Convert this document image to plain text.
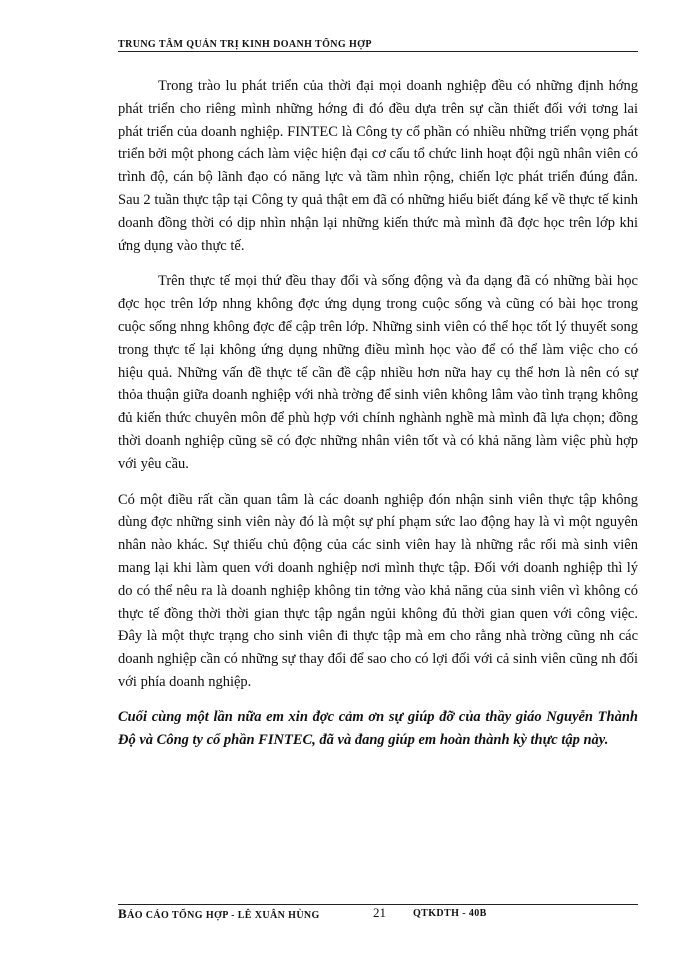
TRUNG TÂM QUẢN TRỊ KINH DOANH TỔNG HỢP

Trong trào lu phát triển của thời đại mọi doanh nghiệp đều có những định hớng phát triển cho riêng mình những hớng đi đó đều dựa trên sự cần thiết đối với tơng lai phát triển của doanh nghiệp. FINTEC là Công ty cổ phần có nhiều những triển vọng phát triển bởi một phong cách làm việc hiện đại cơ cấu tổ chức linh hoạt đội ngũ nhân viên có trình độ, cán bộ lãnh đạo có năng lực và tầm nhìn rộng, chiến lợc phát triển đúng đắn. Sau 2 tuần thực tập tại Công ty quả thật em đã có những hiểu biết đáng kể về thực tế kinh doanh đồng thời có dịp nhìn nhận lại những kiến thức mà mình đã đợc học trên lớp khi ứng dụng vào thực tế.

Trên thực tế mọi thứ đều thay đổi và sống động và đa dạng đã có những bài học đợc học trên lớp nhng không đợc ứng dụng trong cuộc sống và cũng có bài học trong cuộc sống nhng không đợc để cập trên lớp. Những sinh viên có thể học tốt lý thuyết song trong thực tế lại không ứng dụng những điều mình học vào để có thể làm việc cho có hiệu quả. Những vấn đề thực tế cần đề cập nhiều hơn nữa hay cụ thể hơn là nên có sự thỏa thuận giữa doanh nghiệp với nhà trờng để sinh viên không lâm vào tình trạng không đủ kiến thức chuyên môn để phù hợp với chính nghành nghề mà mình đã lựa chọn; đồng thời doanh nghiệp cũng sẽ có đợc những nhân viên tốt và có khả năng làm việc phù hợp với yêu cầu.

Có một điều rất cần quan tâm là các doanh nghiệp đón nhận sinh viên thực tập không dùng đợc những sinh viên này đó là một sự phí phạm sức lao động hay là vì một nguyên nhân nào khác. Sự thiếu chủ động của các sinh viên hay là những rắc rối mà sinh viên mang lại khi làm quen với doanh nghiệp nơi mình thực tập. Đối với doanh nghiệp thì lý do có thể nêu ra là doanh nghiệp không tin tởng vào khả năng của sinh viên vì không có thực tế đồng thời thời gian thực tập ngắn ngủi không đủ thời gian quen với công việc. Đây là một thực trạng cho sinh viên đi thực tập mà em cho rằng nhà trờng cũng nh các doanh nghiệp cần có những sự thay đổi để sao cho có lợi đối với cả sinh viên cũng nh đối với phía doanh nghiệp.

Cuối cùng một lần nữa em xin đợc cảm ơn sự giúp đỡ của thầy giáo Nguyễn Thành Độ và Công ty cổ phần FINTEC, đã và đang giúp em hoàn thành kỳ thực tập này.

BÁO CÁO TỔNG HỢP - LÊ XUÂN HÙNG	21	QTKDTH - 40B
